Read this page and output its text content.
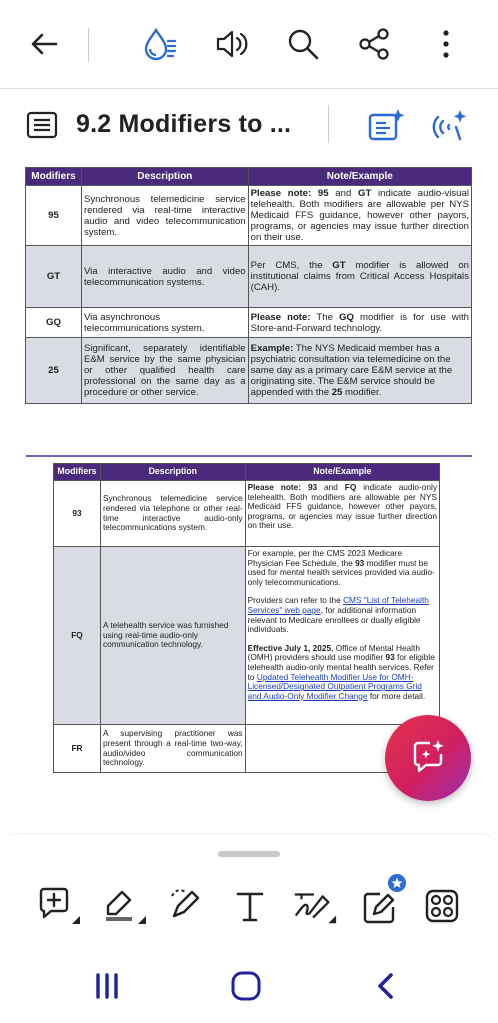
9.2 Modifiers to ...
Modifiers	Description	Note/Example
95	Synchronous telemedicine service rendered via real-time interactive audio and video telecommunication system.	Please note: 95 and GT indicate audio-visual telehealth. Both modifiers are allowable per NYS Medicaid FFS guidance, however other payors, programs, or agencies may issue further direction on their use.
GT	Via interactive audio and video telecommunication systems.	Per CMS, the GT modifier is allowed on institutional claims from Critical Access Hospitals (CAH).
GQ	Via asynchronous telecommunications system.	Please note: The GQ modifier is for use with Store-and-Forward technology.
25	Significant, separately identifiable E&M service by the same physician or other qualified health care professional on the same day as a procedure or other service.	Example: The NYS Medicaid member has a psychiatric consultation via telemedicine on the same day as a primary care E&M service at the originating site. The E&M service should be appended with the 25 modifier.
Modifiers	Description	Note/Example
93	Synchronous telemedicine service rendered via telephone or other real-time interactive audio-only telecommunications system.	Please note: 93 and FQ indicate audio-only telehealth. Both modifiers are allowable per NYS Medicaid FFS guidance, however other payors, programs, or agencies may issue further direction on their use.
FQ	A telehealth service was furnished using real-time audio-only communication technology.	For example, per the CMS 2023 Medicare Physician Fee Schedule, the 93 modifier must be used for mental health services provided via audio-only telecommunications.

Providers can refer to the CMS "List of Telehealth Services" web page, for additional information relevant to Medicare enrollees or dually eligible individuals.

Effective July 1, 2025, Office of Mental Health (OMH) providers should use modifier 93 for eligible telehealth audio-only mental health services. Refer to Updated Telehealth Modifier Use for OMH-Licensed/Designated Outpatient Programs Grid and Audio-Only Modifier Change for more detail.

FR	A supervising practitioner was present through a real-time two-way, audio/video communication technology.	
